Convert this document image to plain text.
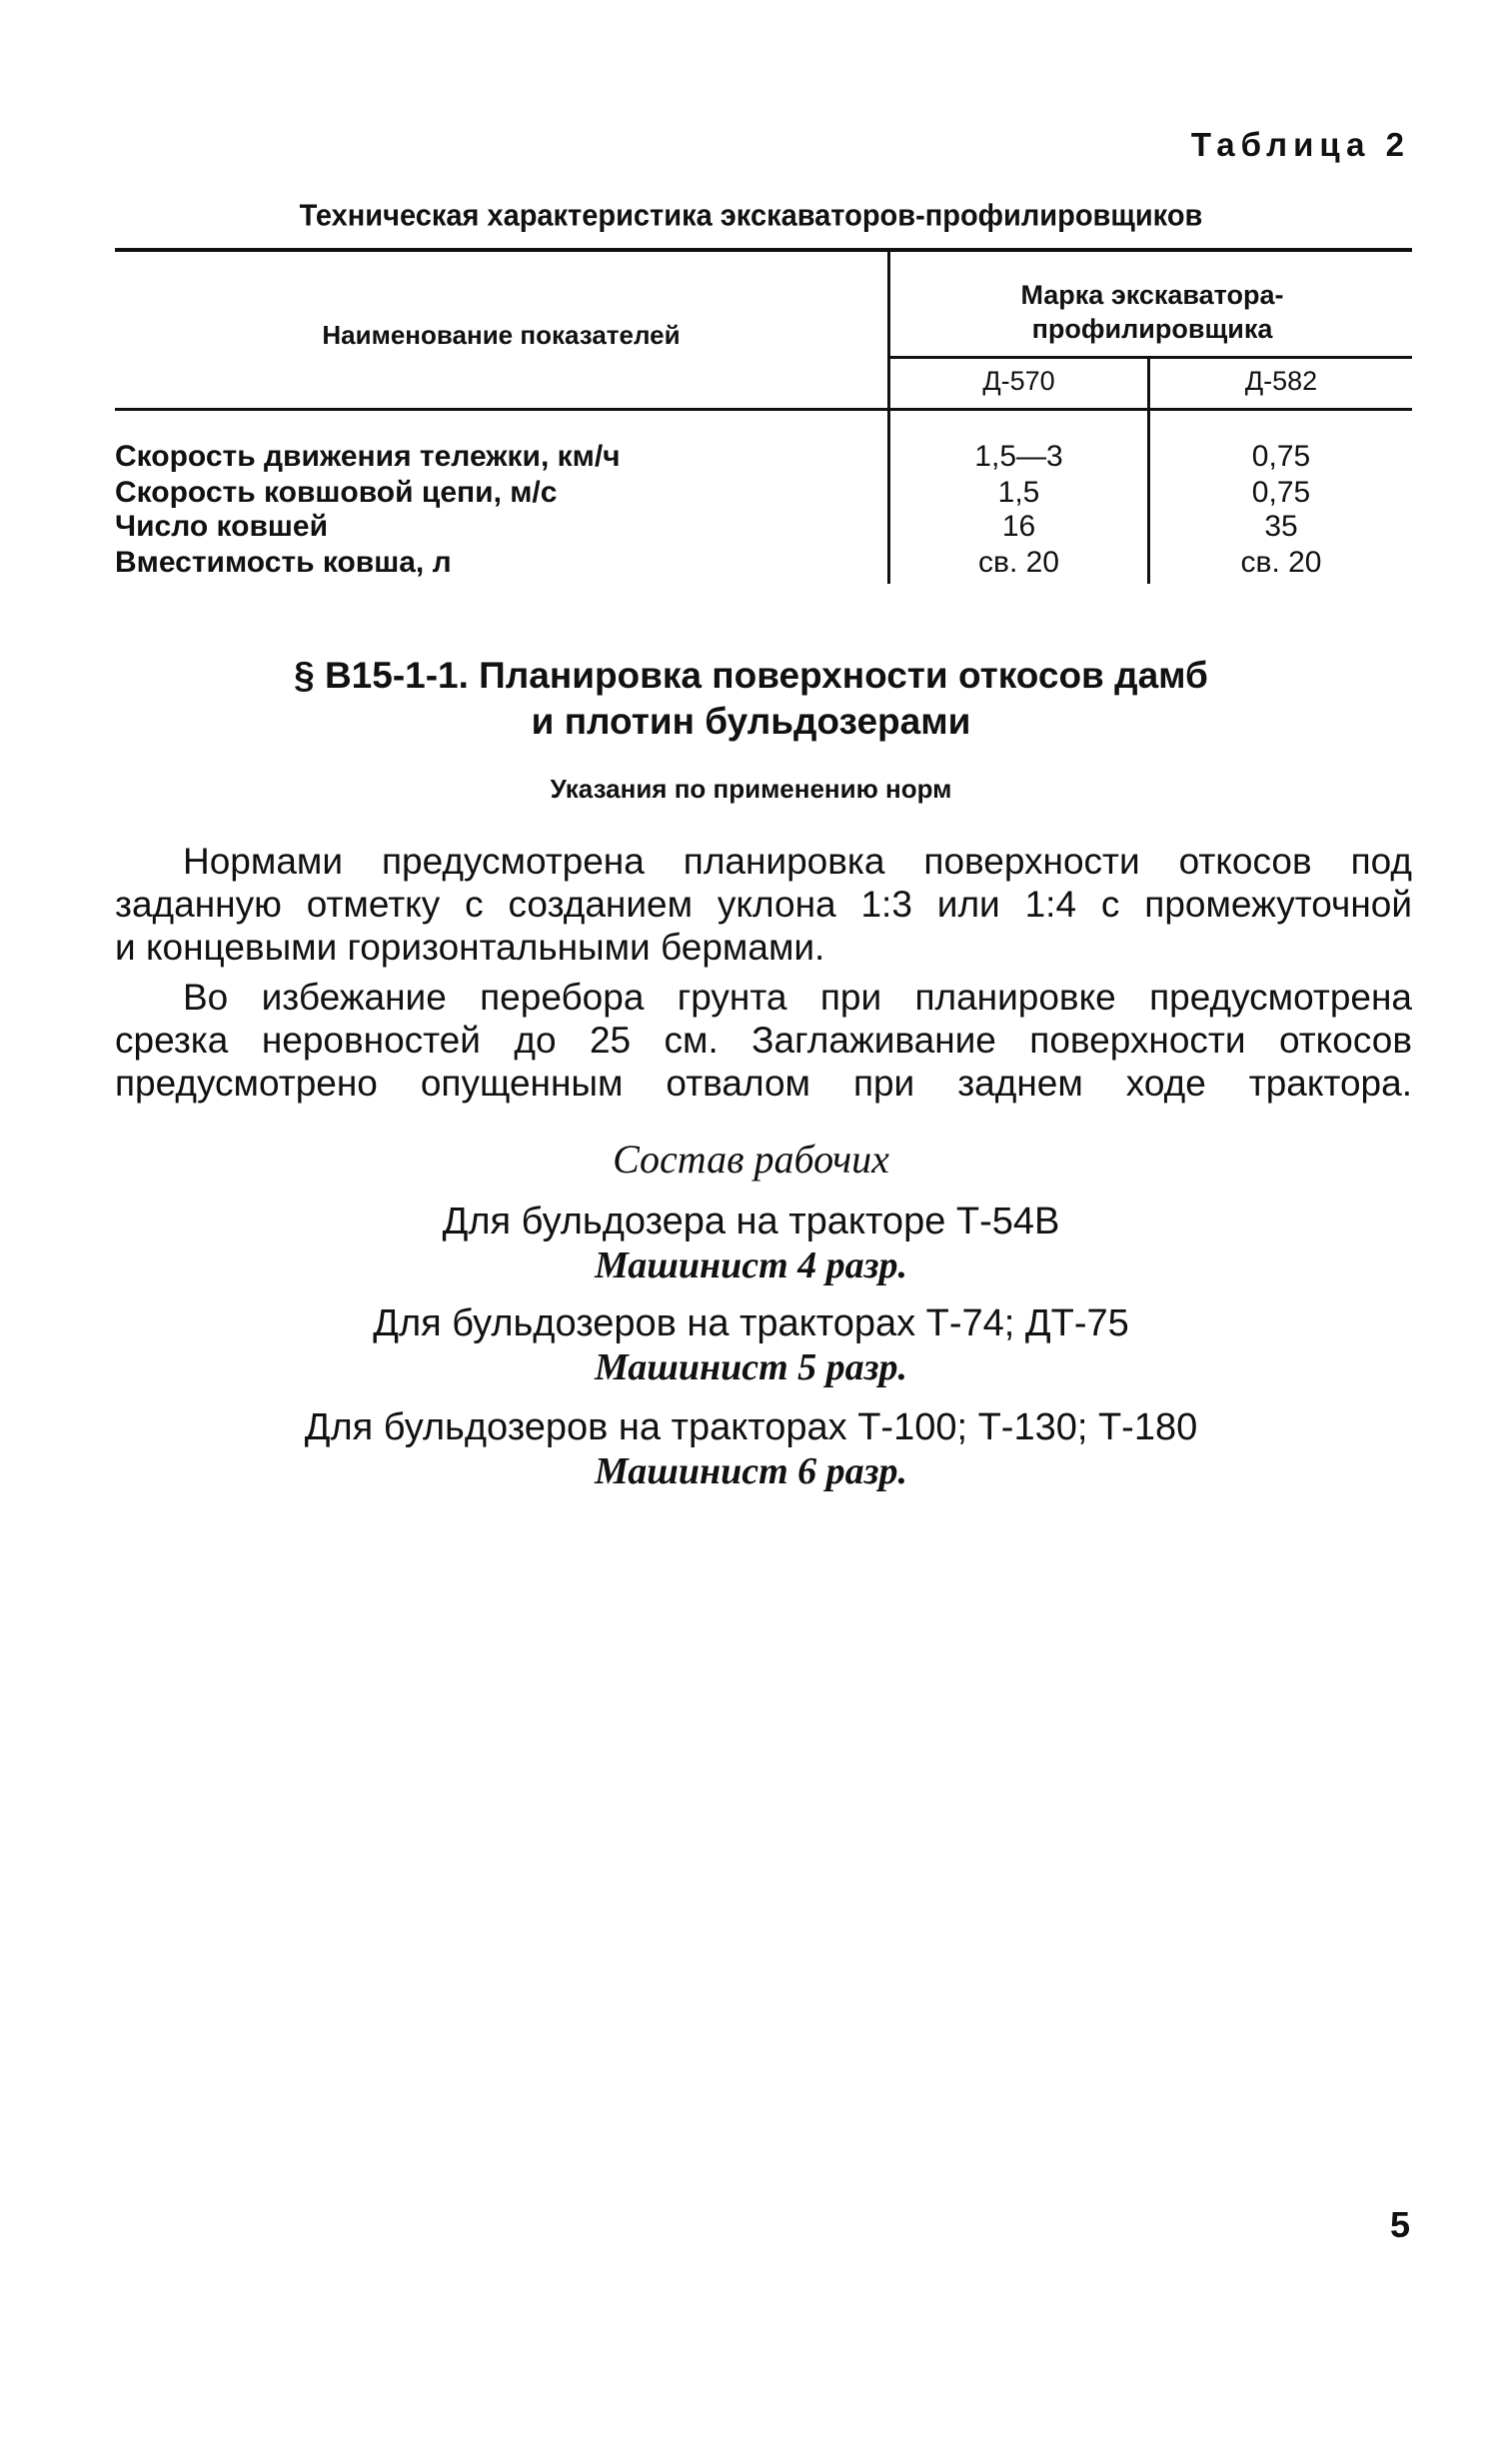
Таблица 2
Техническая характеристика экскаваторов-профилировщиков
Наименование показателей
Марка экскаватора-
профилировщика
Д-570	Д-582
Скорость движения тележки, км/ч	1,5—3	0,75
Скорость ковшовой цепи, м/с	1,5	0,75
Число ковшей	16	35
Вместимость ковша, л	св. 20	св. 20
§ В15-1-1. Планировка поверхности откосов дамб
и плотин бульдозерами
Указания по применению норм
Нормами предусмотрена планировка поверхности откосов под
заданную отметку с созданием уклона 1:3 или 1:4 с промежуточной
и концевыми горизонтальными бермами.
Во избежание перебора грунта при планировке предусмотрена
срезка неровностей до 25 см. Заглаживание поверхности откосов
предусмотрено опущенным отвалом при заднем ходе трактора.
Состав рабочих
Для бульдозера на тракторе Т-54В
Машинист 4 разр.
Для бульдозеров на тракторах Т-74; ДТ-75
Машинист 5 разр.
Для бульдозеров на тракторах Т-100; Т-130; Т-180
Машинист 6 разр.
5
